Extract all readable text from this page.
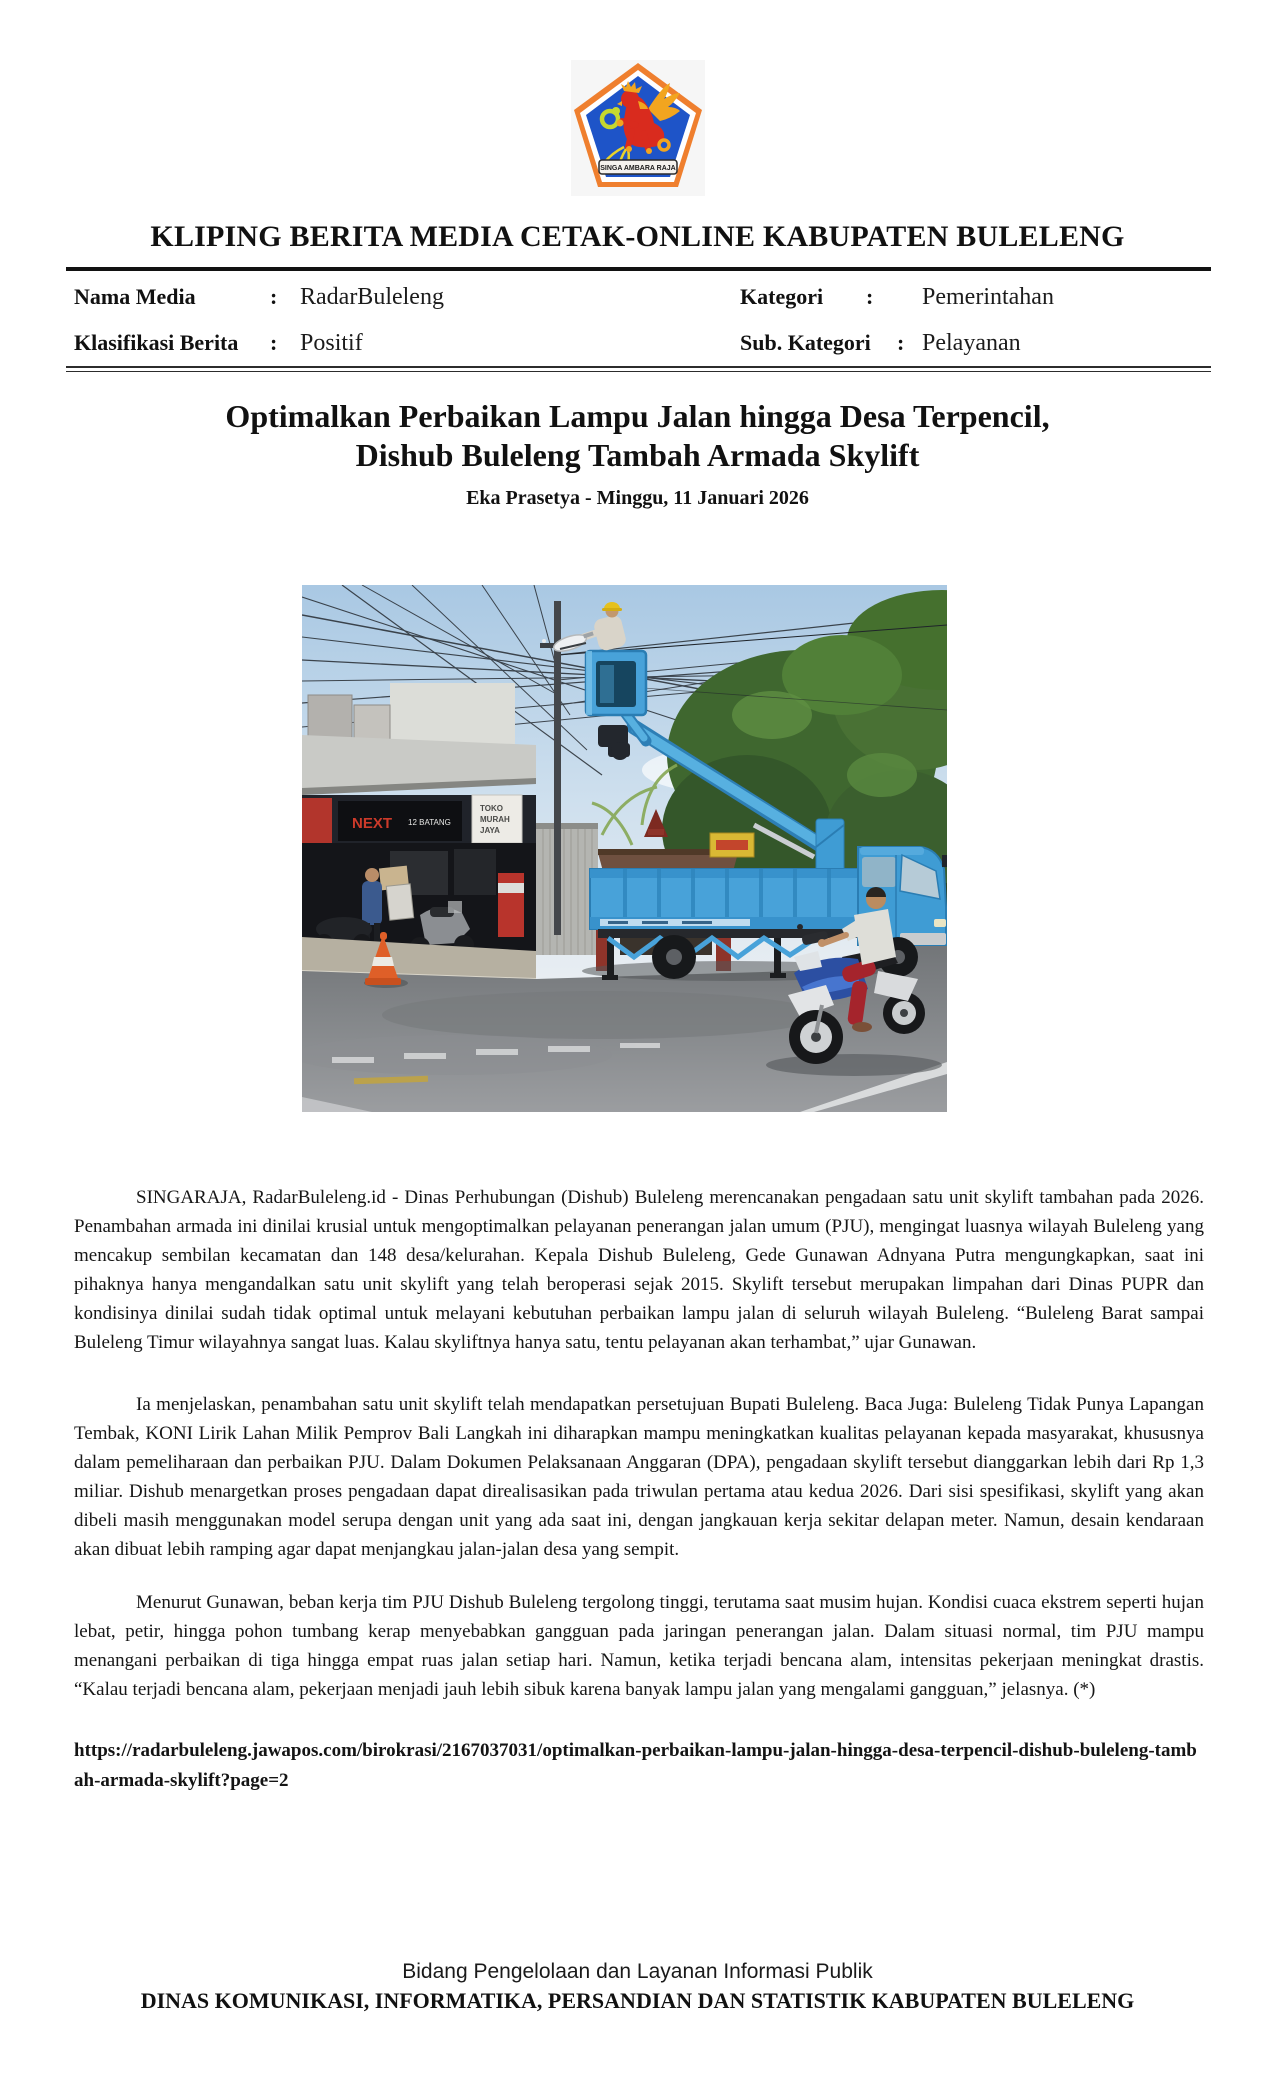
SINGA AMBARA RAJA
KLIPING BERITA MEDIA CETAK-ONLINE KABUPATEN BULELENG
Nama Media	: RadarBuleleng	Kategori : Pemerintahan
Klasifikasi Berita : Positif	Sub. Kategori : Pelayanan
Optimalkan Perbaikan Lampu Jalan hingga Desa Terpencil,
Dishub Buleleng Tambah Armada Skylift
Eka Prasetya - Minggu, 11 Januari 2026
NEXT 12 BATANG
TOKO
MURAH
JAYA

SINGARAJA, RadarBuleleng.id - Dinas Perhubungan (Dishub) Buleleng merencanakan pengadaan satu unit skylift tambahan pada 2026. Penambahan armada ini dinilai krusial untuk mengoptimalkan pelayanan penerangan jalan umum (PJU), mengingat luasnya wilayah Buleleng yang mencakup sembilan kecamatan dan 148 desa/kelurahan. Kepala Dishub Buleleng, Gede Gunawan Adnyana Putra mengungkapkan, saat ini pihaknya hanya mengandalkan satu unit skylift yang telah beroperasi sejak 2015. Skylift tersebut merupakan limpahan dari Dinas PUPR dan kondisinya dinilai sudah tidak optimal untuk melayani kebutuhan perbaikan lampu jalan di seluruh wilayah Buleleng. “Buleleng Barat sampai Buleleng Timur wilayahnya sangat luas. Kalau skyliftnya hanya satu, tentu pelayanan akan terhambat,” ujar Gunawan.

Ia menjelaskan, penambahan satu unit skylift telah mendapatkan persetujuan Bupati Buleleng. Baca Juga: Buleleng Tidak Punya Lapangan Tembak, KONI Lirik Lahan Milik Pemprov Bali Langkah ini diharapkan mampu meningkatkan kualitas pelayanan kepada masyarakat, khususnya dalam pemeliharaan dan perbaikan PJU. Dalam Dokumen Pelaksanaan Anggaran (DPA), pengadaan skylift tersebut dianggarkan lebih dari Rp 1,3 miliar. Dishub menargetkan proses pengadaan dapat direalisasikan pada triwulan pertama atau kedua 2026. Dari sisi spesifikasi, skylift yang akan dibeli masih menggunakan model serupa dengan unit yang ada saat ini, dengan jangkauan kerja sekitar delapan meter. Namun, desain kendaraan akan dibuat lebih ramping agar dapat menjangkau jalan-jalan desa yang sempit.

Menurut Gunawan, beban kerja tim PJU Dishub Buleleng tergolong tinggi, terutama saat musim hujan. Kondisi cuaca ekstrem seperti hujan lebat, petir, hingga pohon tumbang kerap menyebabkan gangguan pada jaringan penerangan jalan. Dalam situasi normal, tim PJU mampu menangani perbaikan di tiga hingga empat ruas jalan setiap hari. Namun, ketika terjadi bencana alam, intensitas pekerjaan meningkat drastis. “Kalau terjadi bencana alam, pekerjaan menjadi jauh lebih sibuk karena banyak lampu jalan yang mengalami gangguan,” jelasnya. (*)

https://radarbuleleng.jawapos.com/birokrasi/2167037031/optimalkan-perbaikan-lampu-jalan-hingga-desa-terpencil-dishub-buleleng-tambah-armada-skylift?page=2
Bidang Pengelolaan dan Layanan Informasi Publik
DINAS KOMUNIKASI, INFORMATIKA, PERSANDIAN DAN STATISTIK KABUPATEN BULELENG
